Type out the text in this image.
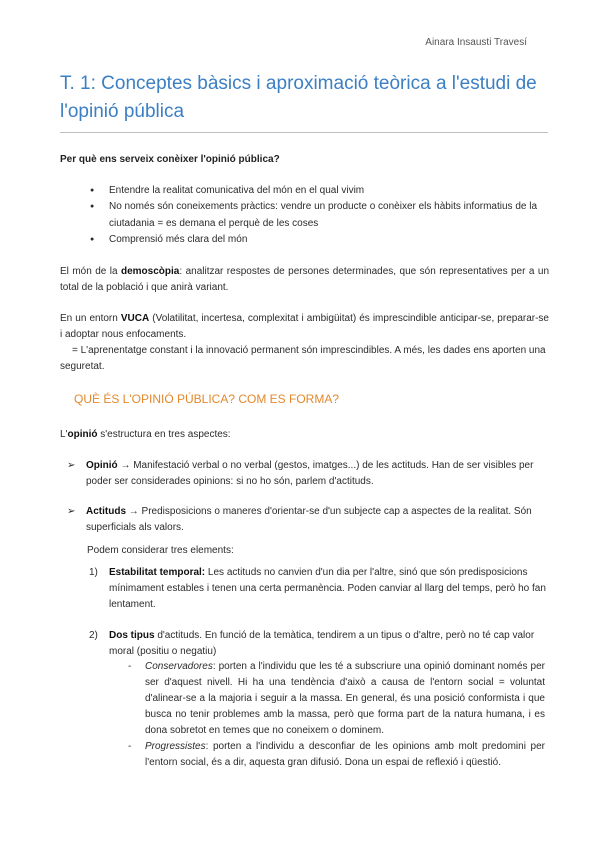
Ainara Insausti Travesí
T. 1: Conceptes bàsics i aproximació teòrica a l'estudi de l'opinió pública

Per què ens serveix conèixer l'opinió pública?

● Entendre la realitat comunicativa del món en el qual vivim
● No només són coneixements pràctics: vendre un producte o conèixer els hàbits informatius de la ciutadania = es demana el perquè de les coses
● Comprensió més clara del món

El món de la demoscòpia: analitzar respostes de persones determinades, que són representatives per a un total de la població i que anirà variant.

En un entorn VUCA (Volatilitat, incertesa, complexitat i ambigüitat) és imprescindible anticipar-se, preparar-se i adoptar nous enfocaments.

= L'aprenentatge constant i la innovació permanent són imprescindibles. A més, les dades ens aporten una seguretat.

QUÈ ÉS L'OPINIÓ PÚBLICA? COM ES FORMA?

L'opinió s'estructura en tres aspectes:

➢ Opinió → Manifestació verbal o no verbal (gestos, imatges...) de les actituds. Han de ser visibles per poder ser considerades opinions: si no ho són, parlem d'actituds.
➢ Actituds → Predisposicions o maneres d'orientar-se d'un subjecte cap a aspectes de la realitat. Són superficials als valors.

Podem considerar tres elements:

1) Estabilitat temporal: Les actituds no canvien d'un dia per l'altre, sinó que són predisposicions mínimament estables i tenen una certa permanència. Poden canviar al llarg del temps, però ho fan lentament.
2) Dos tipus d'actituds. En funció de la temàtica, tendirem a un tipus o d'altre, però no té cap valor moral (positiu o negatiu)
- Conservadores: porten a l'individu que les té a subscriure una opinió dominant només per ser d'aquest nivell. Hi ha una tendència d'això a causa de l'entorn social = voluntat d'alinear-se a la majoria i seguir a la massa. En general, és una posició conformista i que busca no tenir problemes amb la massa, però que forma part de la natura humana, i es dona sobretot en temes que no coneixem o dominem.
- Progressistes: porten a l'individu a desconfiar de les opinions amb molt predomini per l'entorn social, és a dir, aquesta gran difusió. Dona un espai de reflexió i qüestió.
